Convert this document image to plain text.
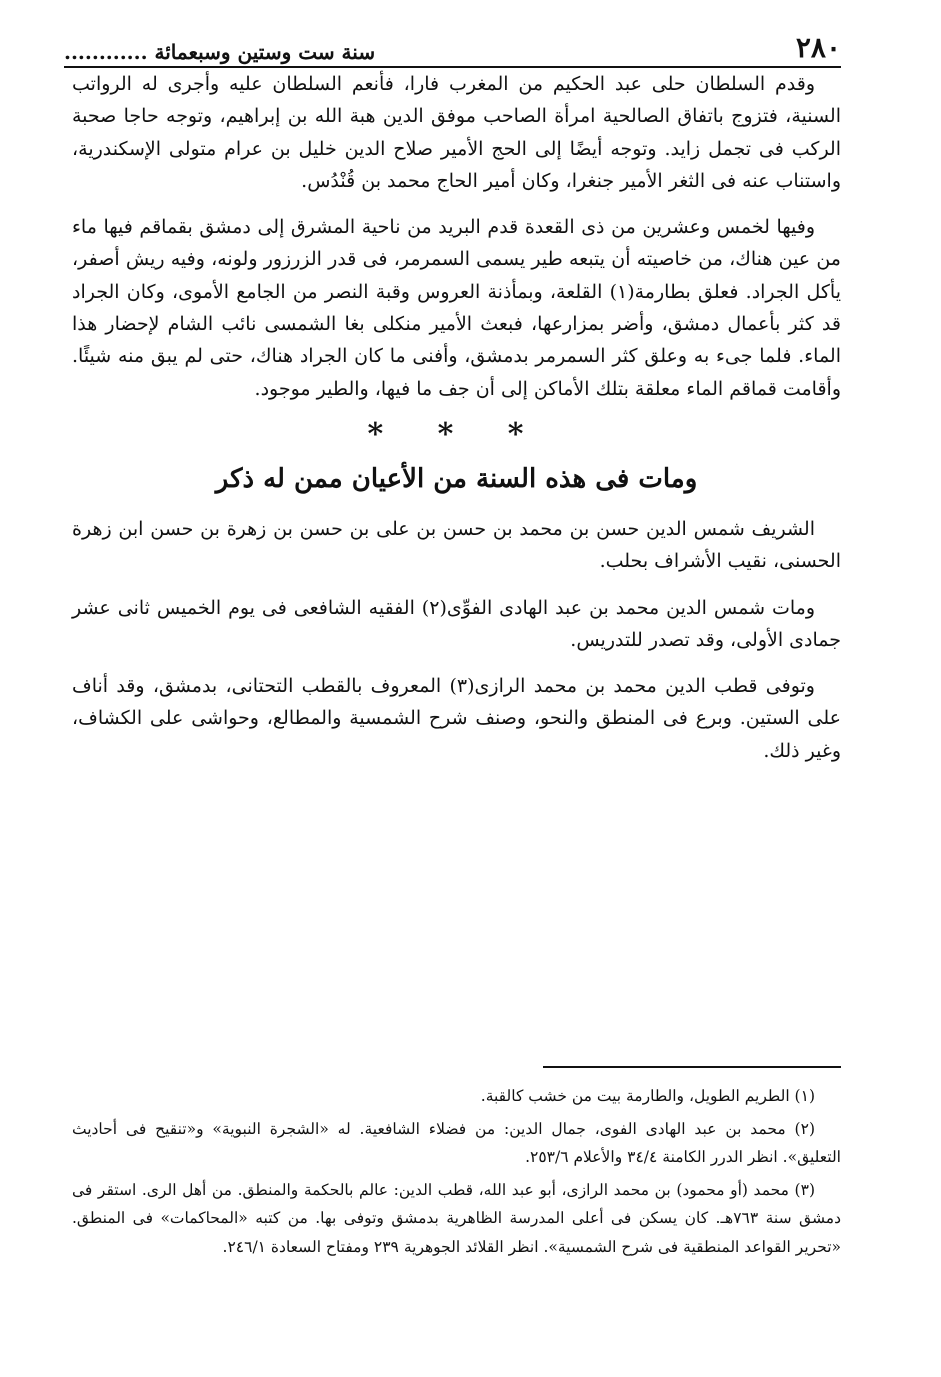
٢٨٠
سنة ست وستين وسبعمائة ............

وقدم السلطان حلى عبد الحكيم من المغرب فارا، فأنعم السلطان عليه وأجرى له الرواتب السنية، فتزوج باتفاق الصالحية امرأة الصاحب موفق الدين هبة الله بن إبراهيم، وتوجه حاجا صحبة الركب فى تجمل زايد. وتوجه أيضًا إلى الحج الأمير صلاح الدين خليل بن عرام متولى الإسكندرية، واستناب عنه فى الثغر الأمير جنغرا، وكان أمير الحاج محمد بن قُنْدُس.

وفيها لخمس وعشرين من ذى القعدة قدم البريد من ناحية المشرق إلى دمشق بقماقم فيها ماء من عين هناك، من خاصيته أن يتبعه طير يسمى السمرمر، فى قدر الزرزور ولونه، وفيه ريش أصفر، يأكل الجراد. فعلق بطارمة(١) القلعة، وبمأذنة العروس وقبة النصر من الجامع الأموى، وكان الجراد قد كثر بأعمال دمشق، وأضر بمزارعها، فبعث الأمير منكلى بغا الشمسى نائب الشام لإحضار هذا الماء. فلما جىء به وعلق كثر السمرمر بدمشق، وأفنى ما كان الجراد هناك، حتى لم يبق منه شيئًا. وأقامت قماقم الماء معلقة بتلك الأماكن إلى أن جف ما فيها، والطير موجود.

* * *
ومات فى هذه السنة من الأعيان ممن له ذكر

الشريف شمس الدين حسن بن محمد بن حسن بن على بن حسن بن زهرة بن حسن ابن زهرة الحسنى، نقيب الأشراف بحلب.

ومات شمس الدين محمد بن عبد الهادى الفوِّى(٢) الفقيه الشافعى فى يوم الخميس ثانى عشر جمادى الأولى، وقد تصدر للتدريس.

وتوفى قطب الدين محمد بن محمد الرازى(٣) المعروف بالقطب التحتانى، بدمشق، وقد أناف على الستين. وبرع فى المنطق والنحو، وصنف شرح الشمسية والمطالع، وحواشى على الكشاف، وغير ذلك.

(١) الطريم الطويل، والطارمة بيت من خشب كالقبة.

(٢) محمد بن عبد الهادى الفوى، جمال الدين: من فضلاء الشافعية. له «الشجرة النبوية» و«تنقيح فى أحاديث التعليق». انظر الدرر الكامنة ٣٤/٤ والأعلام ٢٥٣/٦.

(٣) محمد (أو محمود) بن محمد الرازى، أبو عبد الله، قطب الدين: عالم بالحكمة والمنطق. من أهل الرى. استقر فى دمشق سنة ٧٦٣هـ. كان يسكن فى أعلى المدرسة الظاهرية بدمشق وتوفى بها. من كتبه «المحاكمات» فى المنطق. «تحرير القواعد المنطقية فى شرح الشمسية». انظر القلائد الجوهرية ٢٣٩ ومفتاح السعادة ٢٤٦/١.
